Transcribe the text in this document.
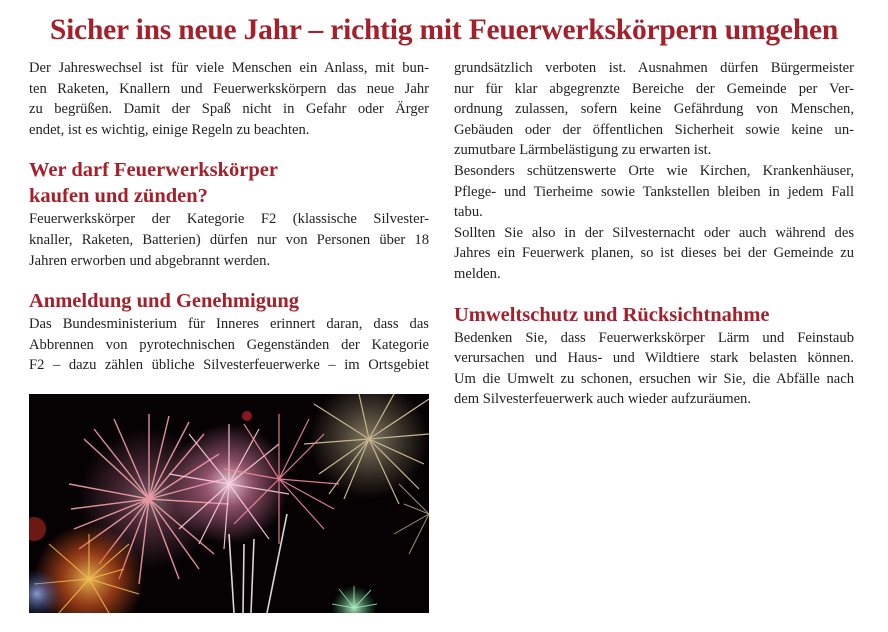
Sicher ins neue Jahr – richtig mit Feuerwerkskörpern umgehen

Der Jahreswechsel ist für viele Menschen ein Anlass, mit bun-
ten Raketen, Knallern und Feuerwerkskörpern das neue Jahr
zu begrüßen. Damit der Spaß nicht in Gefahr oder Ärger
endet, ist es wichtig, einige Regeln zu beachten.

Wer darf Feuerwerkskörper
kaufen und zünden?

Feuerwerkskörper der Kategorie F2 (klassische Silvester-
knaller, Raketen, Batterien) dürfen nur von Personen über 18
Jahren erworben und abgebrannt werden.

Anmeldung und Genehmigung

Das Bundesministerium für Inneres erinnert daran, dass das
Abbrennen von pyrotechnischen Gegenständen der Kategorie
F2 – dazu zählen übliche Silvesterfeuerwerke – im Ortsgebiet

grundsätzlich verboten ist. Ausnahmen dürfen Bürgermeister
nur für klar abgegrenzte Bereiche der Gemeinde per Ver-
ordnung zulassen, sofern keine Gefährdung von Menschen,
Gebäuden oder der öffentlichen Sicherheit sowie keine un-
zumutbare Lärmbelästigung zu erwarten ist.

Besonders schützenswerte Orte wie Kirchen, Krankenhäuser,
Pflege- und Tierheime sowie Tankstellen bleiben in jedem Fall
tabu.

Sollten Sie also in der Silvesternacht oder auch während des
Jahres ein Feuerwerk planen, so ist dieses bei der Gemeinde zu
melden.

Umweltschutz und Rücksichtnahme

Bedenken Sie, dass Feuerwerkskörper Lärm und Feinstaub
verursachen und Haus- und Wildtiere stark belasten können.
Um die Umwelt zu schonen, ersuchen wir Sie, die Abfälle nach
dem Silvesterfeuerwerk auch wieder aufzuräumen.
